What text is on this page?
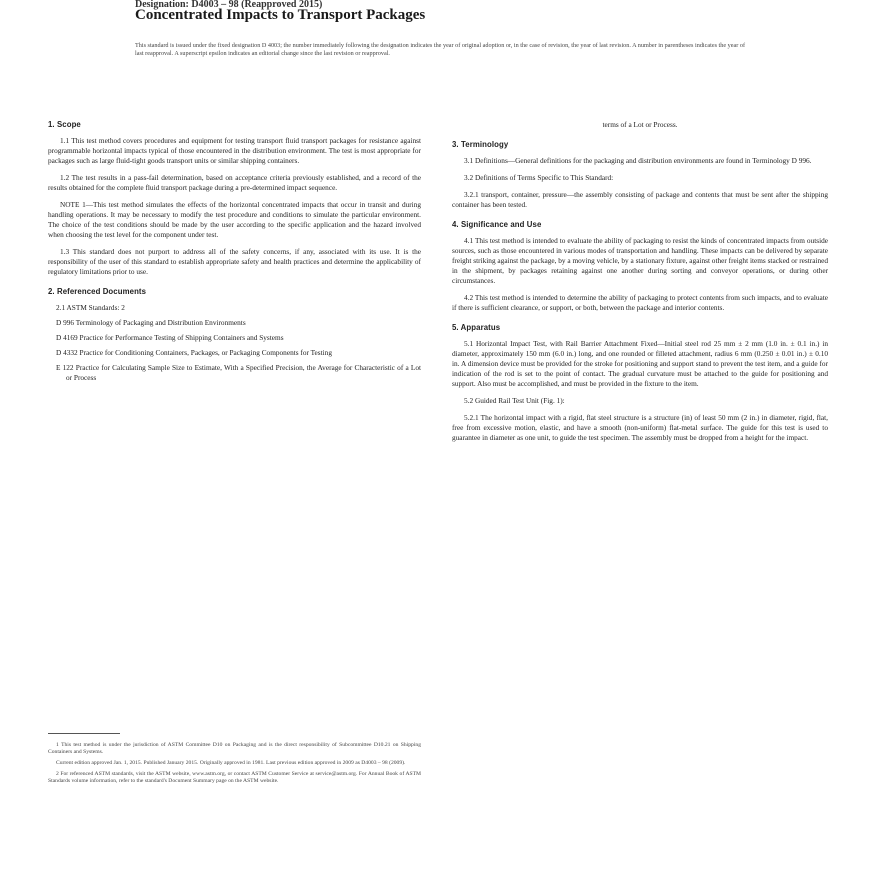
Designation: D4003 – 98 (Reapproved 2015)
Concentrated Impacts to Transport Packages
This standard is issued under the fixed designation D 4003; the number immediately following the designation indicates the year of original adoption or, in the case of revision, the year of last revision. A number in parentheses indicates the year of last reapproval. A superscript epsilon indicates an editorial change since the last revision or reapproval.
1. Scope

1.1 This test method covers procedures and equipment for testing transport fluid transport packages for resistance against programmable horizontal impacts typical of those encountered in the distribution environment. The test is most appropriate for packages such as large fluid-tight goods transport units or similar shipping containers.

1.2 The test results in a pass-fail determination, based on acceptance criteria previously established, and a record of the results obtained for the complete fluid transport package during a pre-determined impact sequence.

NOTE 1—This test method simulates the effects of the horizontal concentrated impacts that occur in transit and during handling operations. It may be necessary to modify the test procedure and conditions to simulate the particular environment. The choice of the test conditions should be made by the user according to the specific application and the hazard involved when choosing the test level for the component under test.

1.3 This standard does not purport to address all of the safety concerns, if any, associated with its use. It is the responsibility of the user of this standard to establish appropriate safety and health practices and determine the applicability of regulatory limitations prior to use.

2. Referenced Documents

2.1 ASTM Standards: 2

D 996 Terminology of Packaging and Distribution Environments

D 4169 Practice for Performance Testing of Shipping Containers and Systems

D 4332 Practice for Conditioning Containers, Packages, or Packaging Components for Testing

E 122 Practice for Calculating Sample Size to Estimate, With a Specified Precision, the Average for Characteristic of a Lot or Process

1 This test method is under the jurisdiction of ASTM Committee D10 on Packaging and is the direct responsibility of Subcommittee D10.21 on Shipping Containers and Systems.

Current edition approved Jan. 1, 2015. Published January 2015. Originally approved in 1981. Last previous edition approved in 2009 as D4003 – 98 (2009).

2 For referenced ASTM standards, visit the ASTM website, www.astm.org, or contact ASTM Customer Service at service@astm.org. For Annual Book of ASTM Standards volume information, refer to the standard's Document Summary page on the ASTM website.

terms of a Lot or Process.

3. Terminology

3.1 Definitions—General definitions for the packaging and distribution environments are found in Terminology D 996.

3.2 Definitions of Terms Specific to This Standard:

3.2.1 transport, container, pressure—the assembly consisting of package and contents that must be sent after the shipping container has been tested.

4. Significance and Use

4.1 This test method is intended to evaluate the ability of packaging to resist the kinds of concentrated impacts from outside sources, such as those encountered in various modes of transportation and handling. These impacts can be delivered by separate freight striking against the package, by a moving vehicle, by a stationary fixture, against other freight items stacked or restrained in the shipment, by packages retaining against one another during sorting and conveyor operations, or during other circumstances.

4.2 This test method is intended to determine the ability of packaging to protect contents from such impacts, and to evaluate if there is sufficient clearance, or support, or both, between the package and interior contents.

5. Apparatus

5.1 Horizontal Impact Test, with Rail Barrier Attachment Fixed—Initial steel rod 25 mm ± 2 mm (1.0 in. ± 0.1 in.) in diameter, approximately 150 mm (6.0 in.) long, and one rounded or filleted attachment, radius 6 mm (0.250 ± 0.01 in.) ± 0.10 in. A dimension device must be provided for the stroke for positioning and support stand to prevent the test item, and a guide for indication of the rod is set to the point of contact. The gradual curvature must be attached to the guide for positioning and support. Also must be accomplished, and must be provided in the fixture to the item.

5.2 Guided Rail Test Unit (Fig. 1):

5.2.1 The horizontal impact with a rigid, flat steel structure is a structure (in) of least 50 mm (2 in.) in diameter, rigid, flat, free from excessive motion, elastic, and have a smooth (non-uniform) flat-metal surface. The guide for this test is used to guarantee in diameter as one unit, to guide the test specimen. The assembly must be dropped from a height for the impact.
